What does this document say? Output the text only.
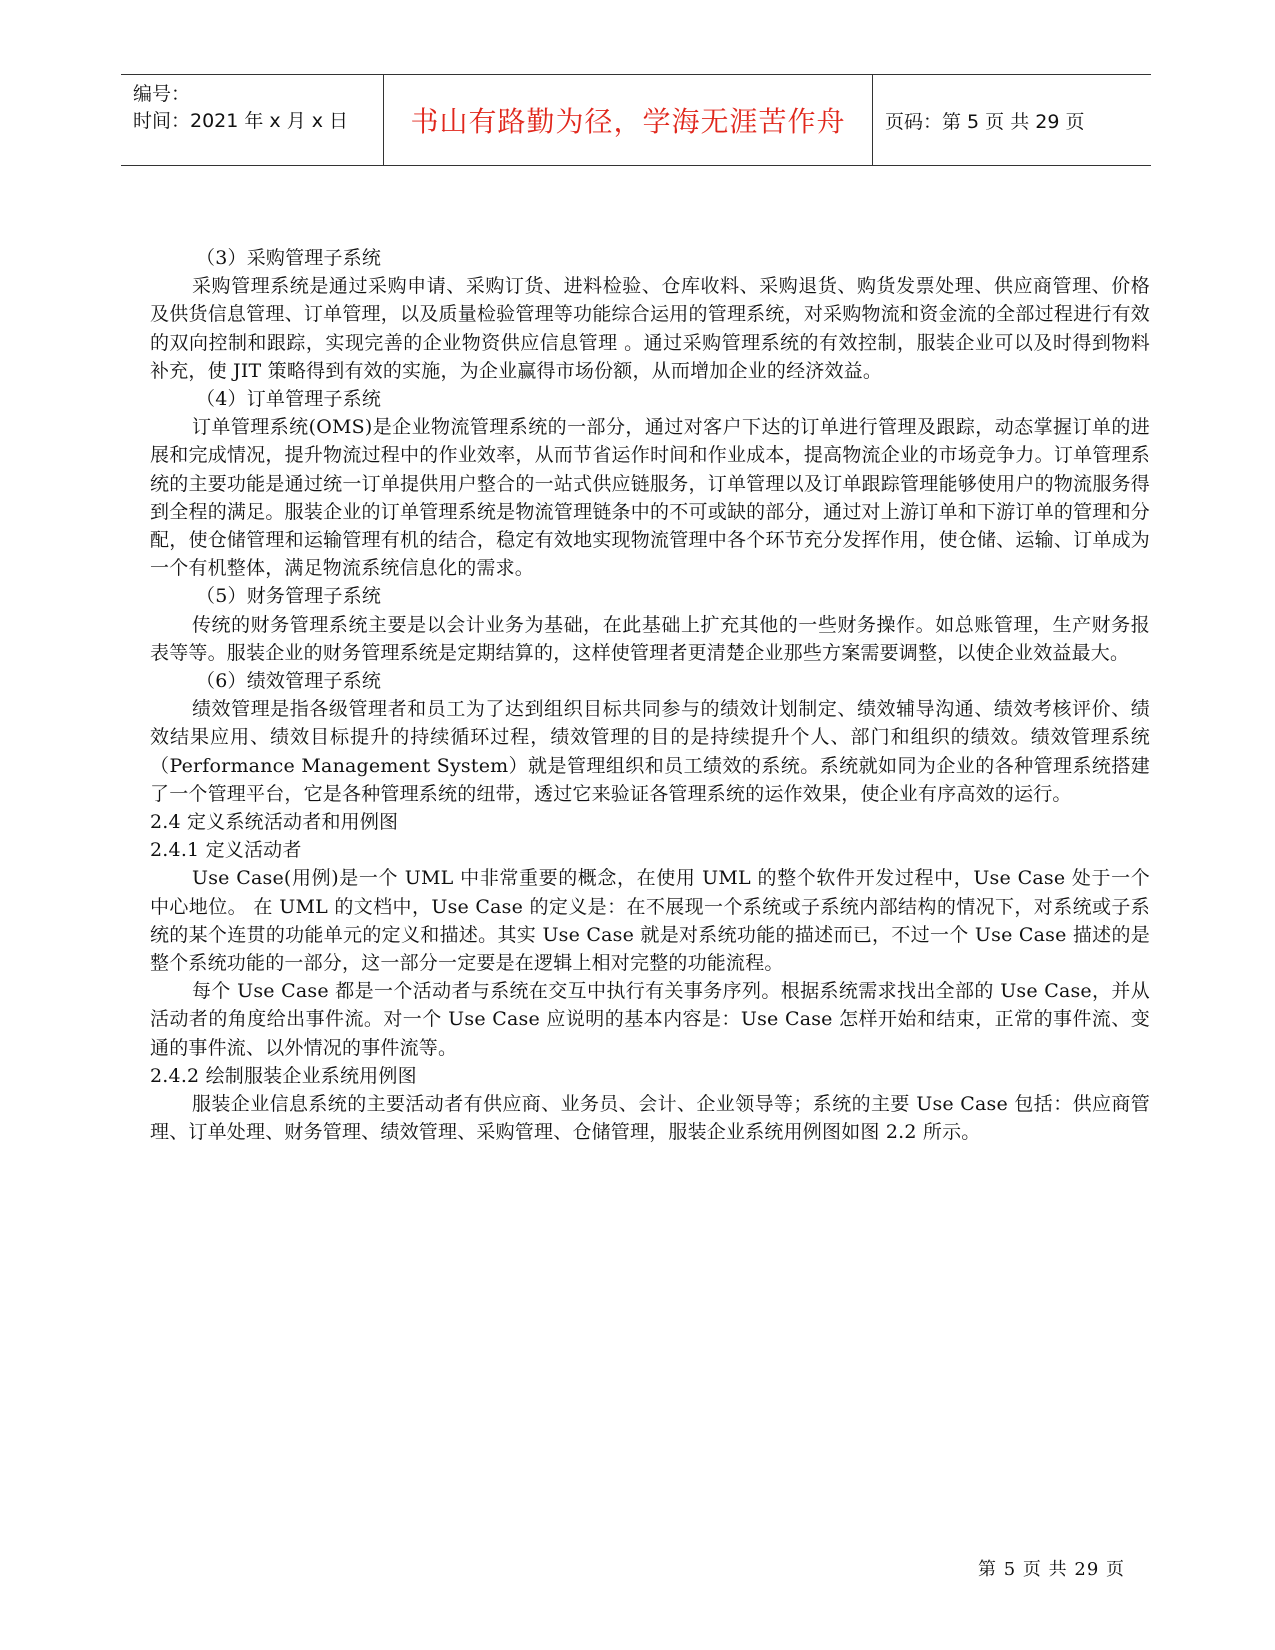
编号：
时间：2021 年 x 月 x 日	书山有路勤为径，学海无涯苦作舟	页码：第 5 页 共 29 页

（3）采购管理子系统

采购管理系统是通过采购申请、采购订货、进料检验、仓库收料、采购退货、购货发票处理、供应商管理、价格及供货信息管理、订单管理，以及质量检验管理等功能综合运用的管理系统，对采购物流和资金流的全部过程进行有效的双向控制和跟踪，实现完善的企业物资供应信息管理 。通过采购管理系统的有效控制，服装企业可以及时得到物料补充，使 JIT 策略得到有效的实施，为企业赢得市场份额，从而增加企业的经济效益。

（4）订单管理子系统

订单管理系统(OMS)是企业物流管理系统的一部分，通过对客户下达的订单进行管理及跟踪，动态掌握订单的进展和完成情况，提升物流过程中的作业效率，从而节省运作时间和作业成本，提高物流企业的市场竞争力。订单管理系统的主要功能是通过统一订单提供用户整合的一站式供应链服务，订单管理以及订单跟踪管理能够使用户的物流服务得到全程的满足。服装企业的订单管理系统是物流管理链条中的不可或缺的部分，通过对上游订单和下游订单的管理和分配，使仓储管理和运输管理有机的结合，稳定有效地实现物流管理中各个环节充分发挥作用，使仓储、运输、订单成为一个有机整体，满足物流系统信息化的需求。

（5）财务管理子系统

传统的财务管理系统主要是以会计业务为基础，在此基础上扩充其他的一些财务操作。如总账管理，生产财务报表等等。服装企业的财务管理系统是定期结算的，这样使管理者更清楚企业那些方案需要调整，以使企业效益最大。

（6）绩效管理子系统

绩效管理是指各级管理者和员工为了达到组织目标共同参与的绩效计划制定、绩效辅导沟通、绩效考核评价、绩效结果应用、绩效目标提升的持续循环过程，绩效管理的目的是持续提升个人、部门和组织的绩效。绩效管理系统（Performance Management System）就是管理组织和员工绩效的系统。系统就如同为企业的各种管理系统搭建了一个管理平台，它是各种管理系统的纽带，透过它来验证各管理系统的运作效果，使企业有序高效的运行。

2.4 定义系统活动者和用例图

2.4.1 定义活动者

Use Case(用例)是一个 UML 中非常重要的概念，在使用 UML 的整个软件开发过程中，Use Case 处于一个中心地位。 在 UML 的文档中，Use Case 的定义是：在不展现一个系统或子系统内部结构的情况下，对系统或子系统的某个连贯的功能单元的定义和描述。其实 Use Case 就是对系统功能的描述而已，不过一个 Use Case 描述的是整个系统功能的一部分，这一部分一定要是在逻辑上相对完整的功能流程。

每个 Use Case 都是一个活动者与系统在交互中执行有关事务序列。根据系统需求找出全部的 Use Case，并从活动者的角度给出事件流。对一个 Use Case 应说明的基本内容是：Use Case 怎样开始和结束，正常的事件流、变通的事件流、以外情况的事件流等。

2.4.2 绘制服装企业系统用例图

服装企业信息系统的主要活动者有供应商、业务员、会计、企业领导等；系统的主要 Use Case 包括：供应商管理、订单处理、财务管理、绩效管理、采购管理、仓储管理，服装企业系统用例图如图 2.2 所示。

第 5 页 共 29 页
